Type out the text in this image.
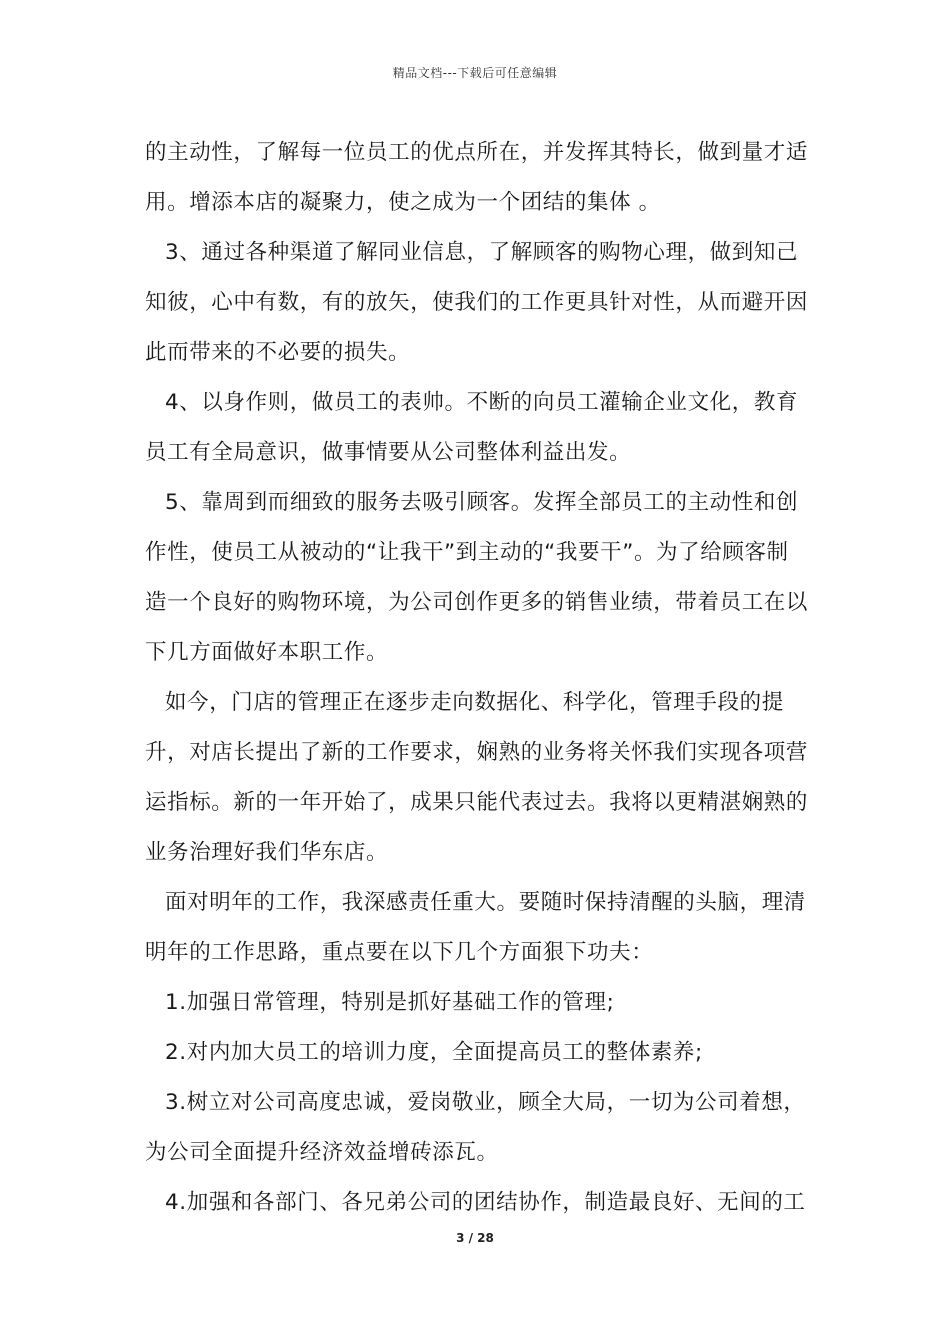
精品文档---下载后可任意编辑

的主动性，了解每一位员工的优点所在，并发挥其特长，做到量才适用。增添本店的凝聚力，使之成为一个团结的集体 。

3、通过各种渠道了解同业信息，了解顾客的购物心理，做到知己知彼，心中有数，有的放矢，使我们的工作更具针对性，从而避开因此而带来的不必要的损失。

4、以身作则，做员工的表帅。不断的向员工灌输企业文化，教育员工有全局意识，做事情要从公司整体利益出发。

5、靠周到而细致的服务去吸引顾客。发挥全部员工的主动性和创作性，使员工从被动的“让我干”到主动的“我要干”。为了给顾客制造一个良好的购物环境，为公司创作更多的销售业绩，带着员工在以下几方面做好本职工作。

如今，门店的管理正在逐步走向数据化、科学化，管理手段的提升，对店长提出了新的工作要求，娴熟的业务将关怀我们实现各项营运指标。新的一年开始了，成果只能代表过去。我将以更精湛娴熟的业务治理好我们华东店。

面对明年的工作，我深感责任重大。要随时保持清醒的头脑，理清明年的工作思路，重点要在以下几个方面狠下功夫：

1.加强日常管理，特别是抓好基础工作的管理;

2.对内加大员工的培训力度，全面提高员工的整体素养;

3.树立对公司高度忠诚，爱岗敬业，顾全大局，一切为公司着想，为公司全面提升经济效益增砖添瓦。

4.加强和各部门、各兄弟公司的团结协作，制造最良好、无间的工

3 / 28
